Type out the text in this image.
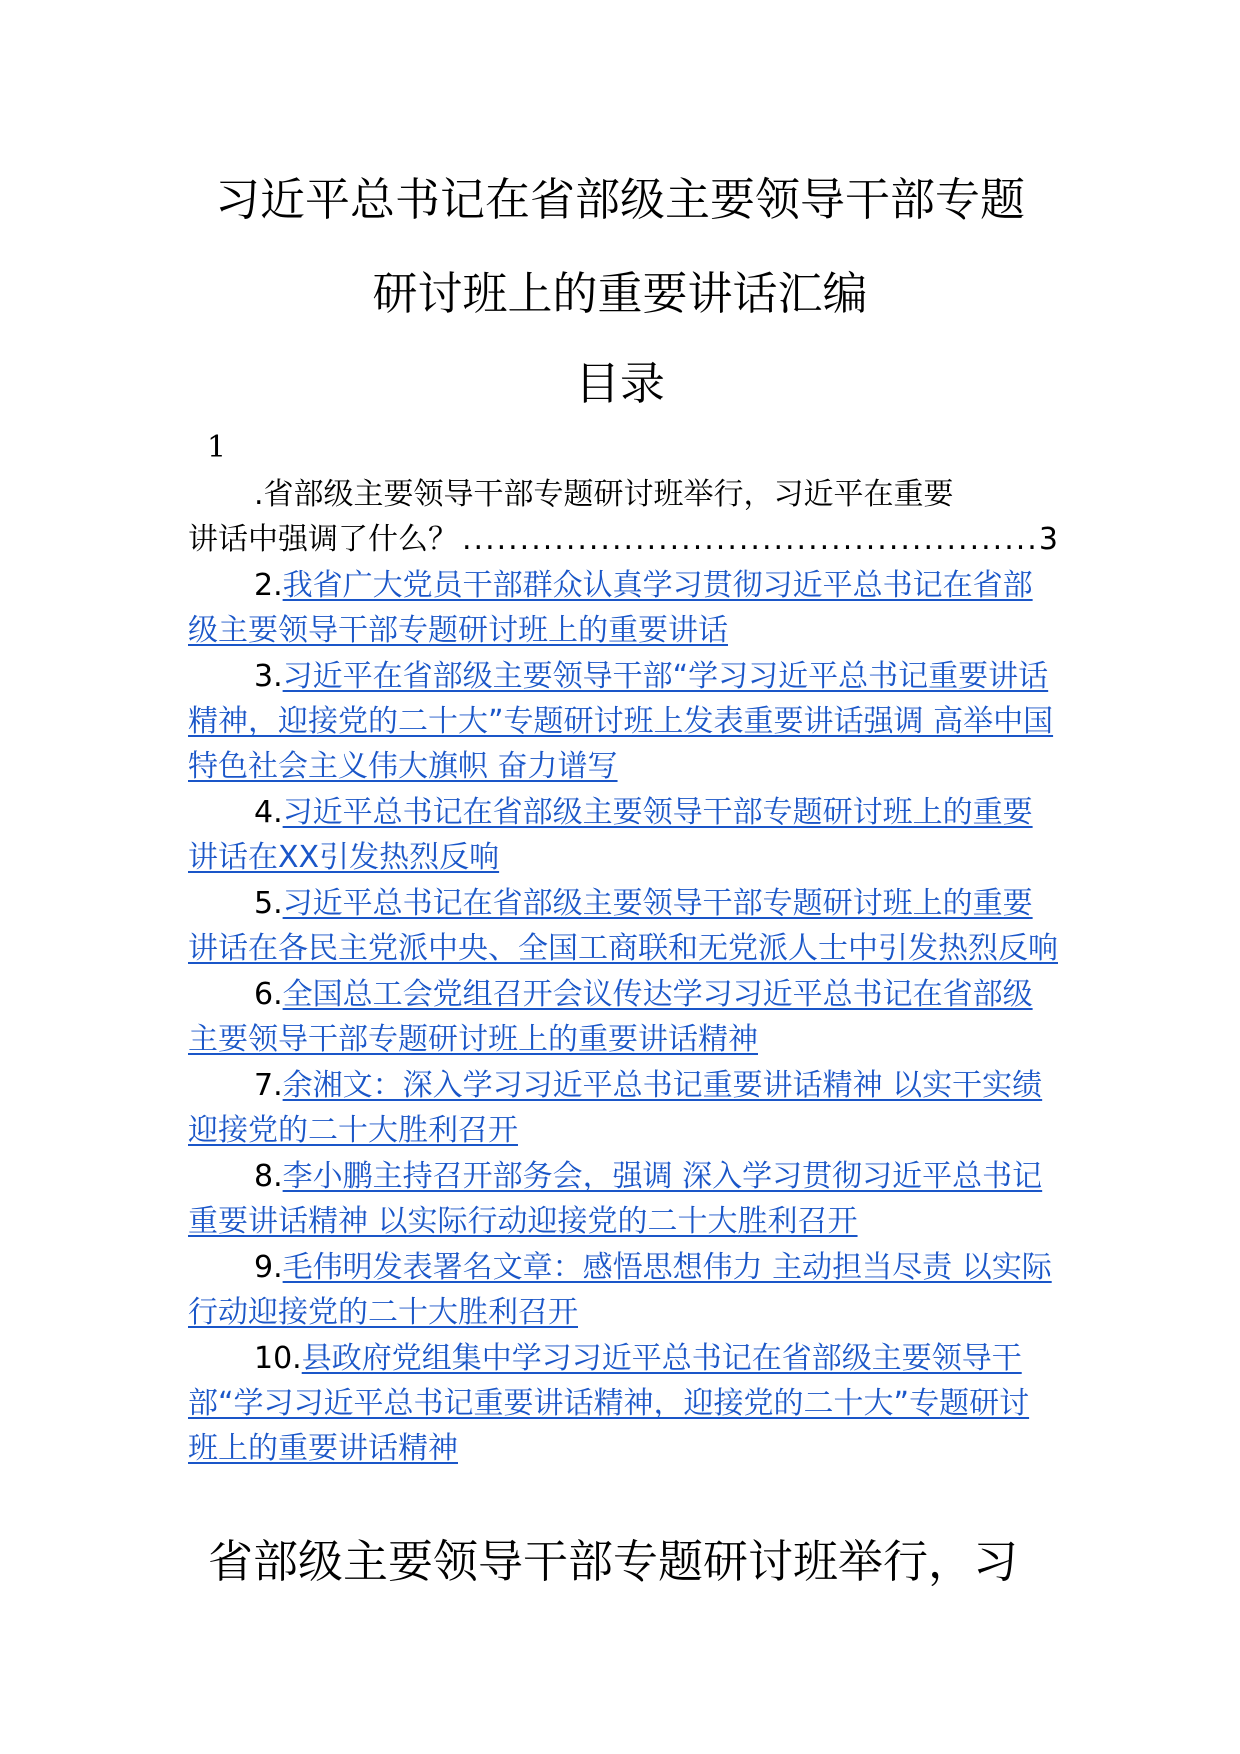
习近平总书记在省部级主要领导干部专题
研讨班上的重要讲话汇编
目录
1
.省部级主要领导干部专题研讨班举行，习近平在重要
讲话中强调了什么？
.....	3
2.我省广大党员干部群众认真学习贯彻习近平总书记在省部级主要领导干部专题研讨班上的重要讲话
3.习近平在省部级主要领导干部“学习习近平总书记重要讲话精神，迎接党的二十大”专题研讨班上发表重要讲话强调 高举中国特色社会主义伟大旗帜 奋力谱写
4.习近平总书记在省部级主要领导干部专题研讨班上的重要讲话在XX引发热烈反响
5.习近平总书记在省部级主要领导干部专题研讨班上的重要讲话在各民主党派中央、全国工商联和无党派人士中引发热烈反响
6.全国总工会党组召开会议传达学习习近平总书记在省部级主要领导干部专题研讨班上的重要讲话精神
7.余湘文：深入学习习近平总书记重要讲话精神 以实干实绩迎接党的二十大胜利召开
8.李小鹏主持召开部务会，强调 深入学习贯彻习近平总书记重要讲话精神 以实际行动迎接党的二十大胜利召开
9.毛伟明发表署名文章：感悟思想伟力 主动担当尽责 以实际行动迎接党的二十大胜利召开
10.县政府党组集中学习习近平总书记在省部级主要领导干部“学习习近平总书记重要讲话精神，迎接党的二十大”专题研讨班上的重要讲话精神
省部级主要领导干部专题研讨班举行，习
